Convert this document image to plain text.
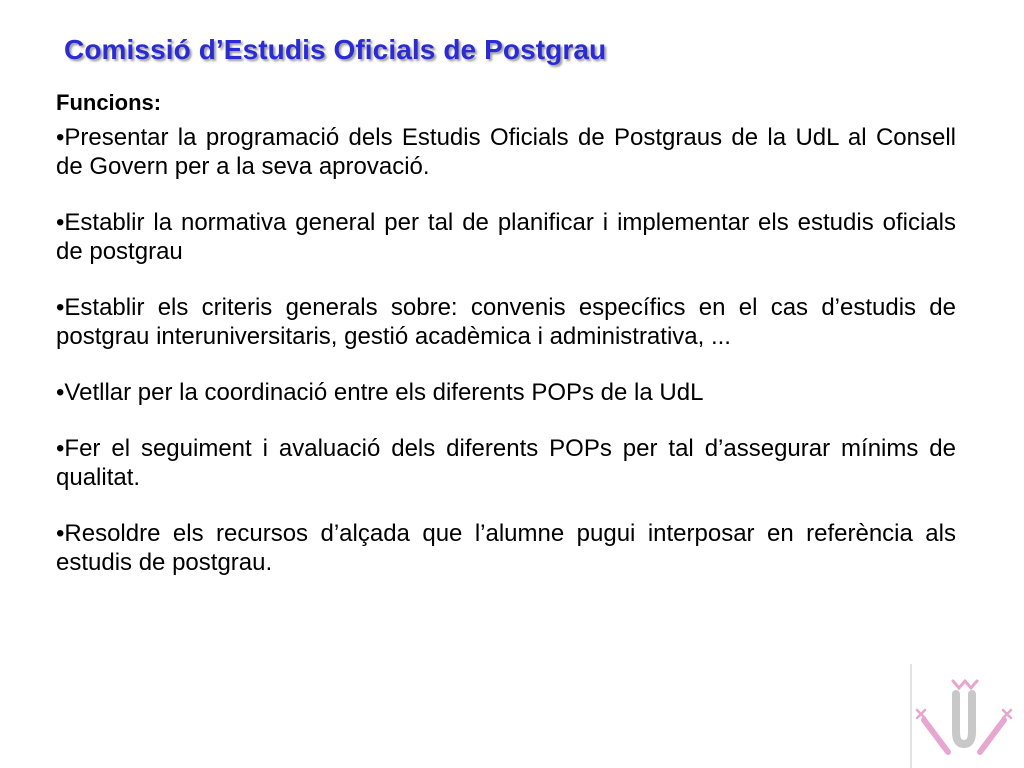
Comissió d’Estudis Oficials de Postgrau
Funcions:
• Presentar la programació dels Estudis Oficials de Postgraus de la UdL al Consell de Govern per a la seva aprovació.
• Establir la normativa general per tal de planificar i implementar els estudis oficials de postgrau
• Establir els criteris generals sobre: convenis específics en el cas d’estudis de postgrau interuniversitaris, gestió acadèmica i administrativa, ...
• Vetllar per la coordinació entre els diferents POPs de la UdL
• Fer el seguiment i avaluació dels diferents POPs per tal d’assegurar mínims de qualitat.
• Resoldre els recursos d’alçada que l’alumne pugui interposar en referència als estudis de postgrau.
